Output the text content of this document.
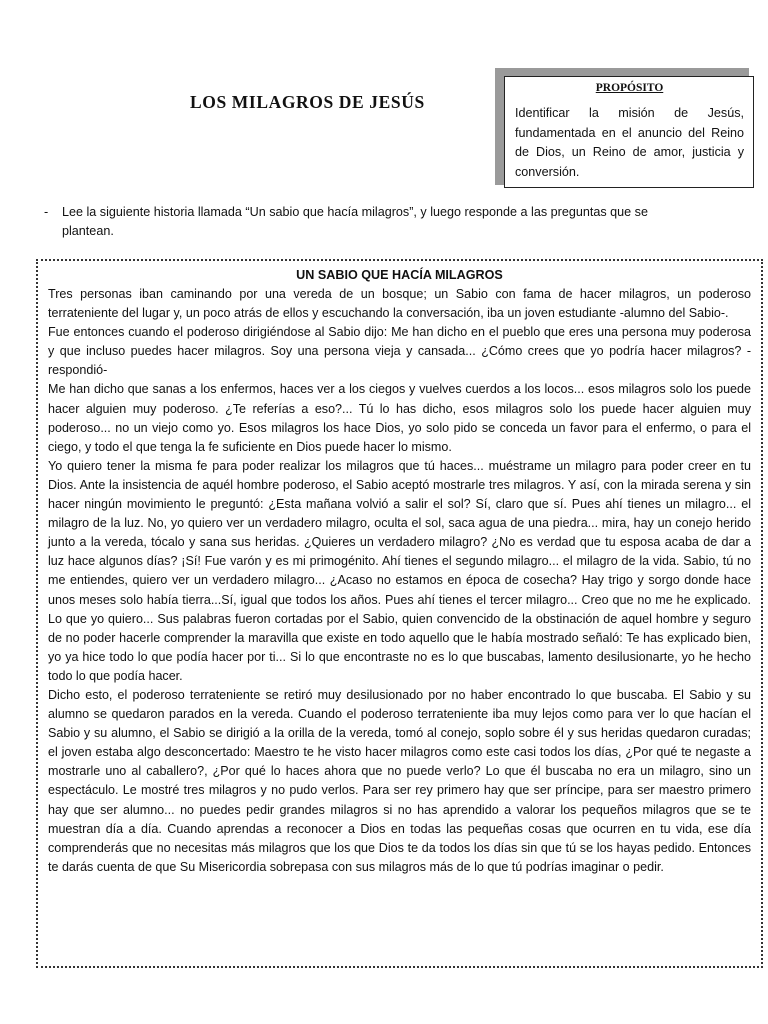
LOS MILAGROS DE JESÚS
PROPÓSITO
Identificar la misión de Jesús, fundamentada en el anuncio del Reino de Dios, un Reino de amor, justicia y conversión.
-	Lee la siguiente historia llamada “Un sabio que hacía milagros”, y luego responde a las preguntas que se plantean.
UN SABIO QUE HACÍA MILAGROS

Tres personas iban caminando por una vereda de un bosque; un Sabio con fama de hacer milagros, un poderoso terrateniente del lugar y, un poco atrás de ellos y escuchando la conversación, iba un joven estudiante -alumno del Sabio-.

Fue entonces cuando el poderoso dirigiéndose al Sabio dijo: Me han dicho en el pueblo que eres una persona muy poderosa y que incluso puedes hacer milagros. Soy una persona vieja y cansada... ¿Cómo crees que yo podría hacer milagros? -respondió-

Me han dicho que sanas a los enfermos, haces ver a los ciegos y vuelves cuerdos a los locos... esos milagros solo los puede hacer alguien muy poderoso. ¿Te referías a eso?... Tú lo has dicho, esos milagros solo los puede hacer alguien muy poderoso... no un viejo como yo. Esos milagros los hace Dios, yo solo pido se conceda un favor para el enfermo, o para el ciego, y todo el que tenga la fe suficiente en Dios puede hacer lo mismo.

Yo quiero tener la misma fe para poder realizar los milagros que tú haces... muéstrame un milagro para poder creer en tu Dios. Ante la insistencia de aquél hombre poderoso, el Sabio aceptó mostrarle tres milagros. Y así, con la mirada serena y sin hacer ningún movimiento le preguntó: ¿Esta mañana volvió a salir el sol? Sí, claro que sí. Pues ahí tienes un milagro... el milagro de la luz. No, yo quiero ver un verdadero milagro, oculta el sol, saca agua de una piedra... mira, hay un conejo herido junto a la vereda, tócalo y sana sus heridas. ¿Quieres un verdadero milagro? ¿No es verdad que tu esposa acaba de dar a luz hace algunos días? ¡Sí! Fue varón y es mi primogénito. Ahí tienes el segundo milagro... el milagro de la vida. Sabio, tú no me entiendes, quiero ver un verdadero milagro... ¿Acaso no estamos en época de cosecha? Hay trigo y sorgo donde hace unos meses solo había tierra...Sí, igual que todos los años. Pues ahí tienes el tercer milagro... Creo que no me he explicado. Lo que yo quiero... Sus palabras fueron cortadas por el Sabio, quien convencido de la obstinación de aquel hombre y seguro de no poder hacerle comprender la maravilla que existe en todo aquello que le había mostrado señaló: Te has explicado bien, yo ya hice todo lo que podía hacer por ti... Si lo que encontraste no es lo que buscabas, lamento desilusionarte, yo he hecho todo lo que podía hacer.

Dicho esto, el poderoso terrateniente se retiró muy desilusionado por no haber encontrado lo que buscaba. El Sabio y su alumno se quedaron parados en la vereda. Cuando el poderoso terrateniente iba muy lejos como para ver lo que hacían el Sabio y su alumno, el Sabio se dirigió a la orilla de la vereda, tomó al conejo, soplo sobre él y sus heridas quedaron curadas; el joven estaba algo desconcertado: Maestro te he visto hacer milagros como este casi todos los días, ¿Por qué te negaste a mostrarle uno al caballero?, ¿Por qué lo haces ahora que no puede verlo? Lo que él buscaba no era un milagro, sino un espectáculo. Le mostré tres milagros y no pudo verlos. Para ser rey primero hay que ser príncipe, para ser maestro primero hay que ser alumno... no puedes pedir grandes milagros si no has aprendido a valorar los pequeños milagros que se te muestran día a día. Cuando aprendas a reconocer a Dios en todas las pequeñas cosas que ocurren en tu vida, ese día comprenderás que no necesitas más milagros que los que Dios te da todos los días sin que tú se los hayas pedido. Entonces te darás cuenta de que Su Misericordia sobrepasa con sus milagros más de lo que tú podrías imaginar o pedir.
